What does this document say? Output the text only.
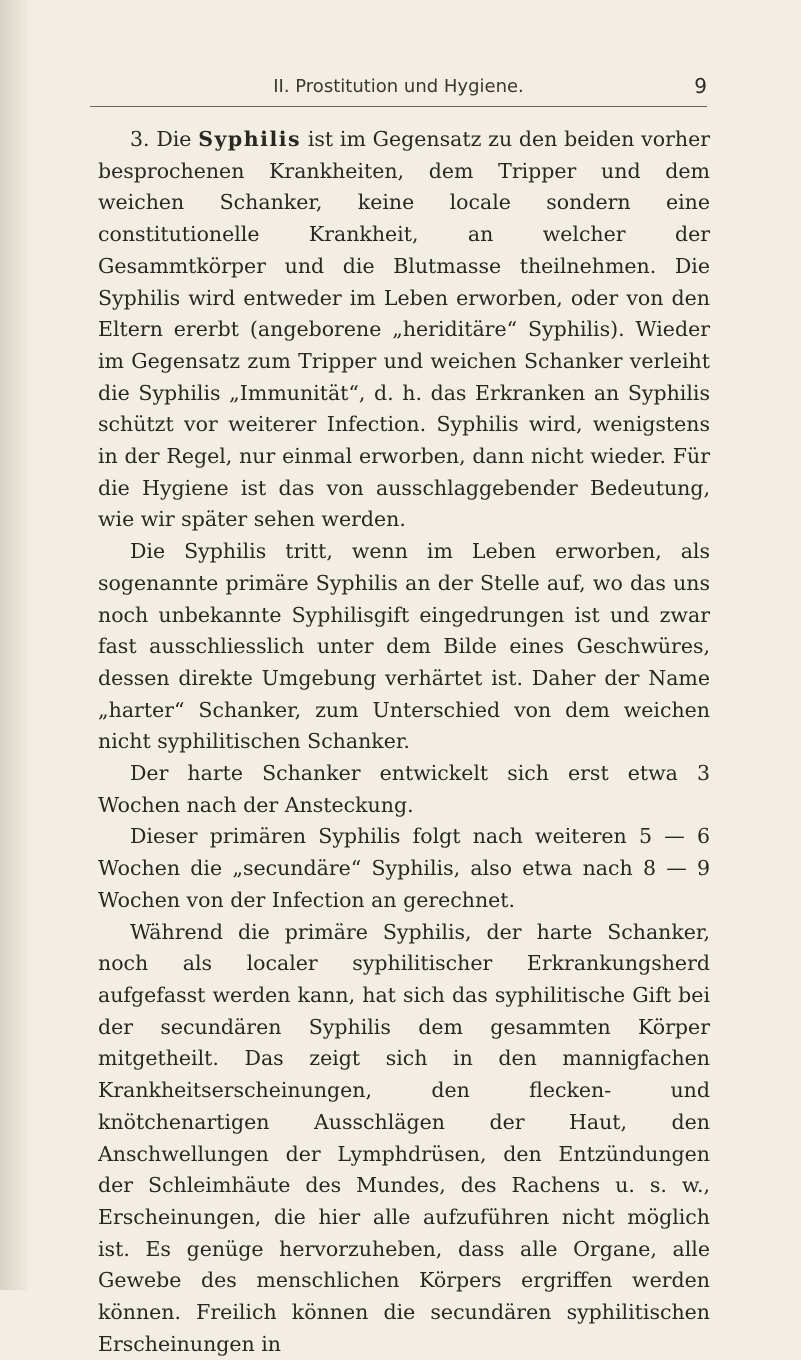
II. Prostitution und Hygiene.	9

3. Die Syphilis ist im Gegensatz zu den beiden vorher besprochenen Krankheiten, dem Tripper und dem weichen Schanker, keine locale sondern eine constitutionelle Krankheit, an welcher der Gesammtkörper und die Blutmasse theilnehmen. Die Syphilis wird entweder im Leben erworben, oder von den Eltern ererbt (angeborene „heriditäre“ Syphilis). Wieder im Gegensatz zum Tripper und weichen Schanker verleiht die Syphilis „Immunität“, d. h. das Erkranken an Syphilis schützt vor weiterer Infection. Syphilis wird, wenigstens in der Regel, nur einmal erworben, dann nicht wieder. Für die Hygiene ist das von ausschlaggebender Bedeutung, wie wir später sehen werden.

Die Syphilis tritt, wenn im Leben erworben, als sogenannte primäre Syphilis an der Stelle auf, wo das uns noch unbekannte Syphilisgift eingedrungen ist und zwar fast ausschliesslich unter dem Bilde eines Geschwüres, dessen direkte Umgebung verhärtet ist. Daher der Name „harter“ Schanker, zum Unterschied von dem weichen nicht syphilitischen Schanker.

Der harte Schanker entwickelt sich erst etwa 3 Wochen nach der Ansteckung.

Dieser primären Syphilis folgt nach weiteren 5 — 6 Wochen die „secundäre“ Syphilis, also etwa nach 8 — 9 Wochen von der Infection an gerechnet.

Während die primäre Syphilis, der harte Schanker, noch als localer syphilitischer Erkrankungsherd aufgefasst werden kann, hat sich das syphilitische Gift bei der secundären Syphilis dem gesammten Körper mitgetheilt. Das zeigt sich in den mannigfachen Krankheitserscheinungen, den flecken- und knötchenartigen Ausschlägen der Haut, den Anschwellungen der Lymphdrüsen, den Entzündungen der Schleimhäute des Mundes, des Rachens u. s. w., Erscheinungen, die hier alle aufzuführen nicht möglich ist. Es genüge hervorzuheben, dass alle Organe, alle Gewebe des menschlichen Körpers ergriffen werden können. Freilich können die secundären syphilitischen Erscheinungen in
